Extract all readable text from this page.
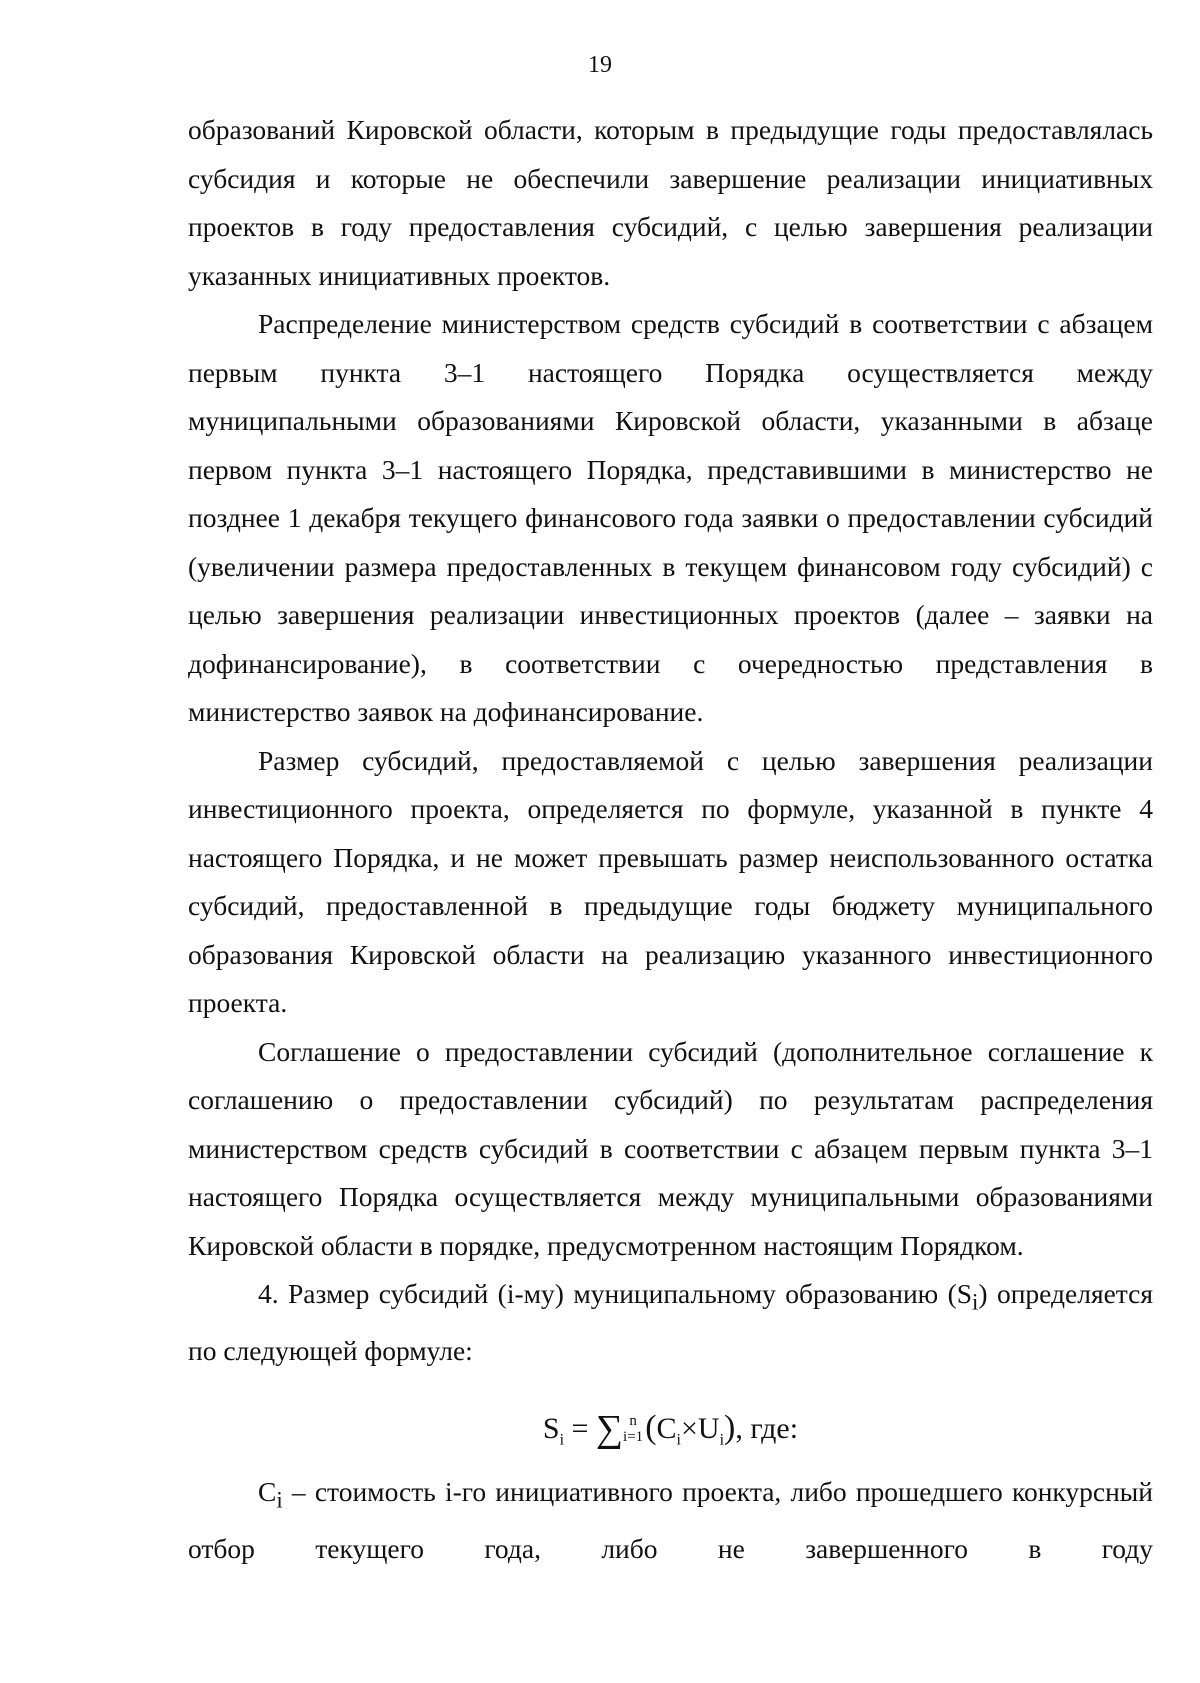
19

образований Кировской области, которым в предыдущие годы предоставлялась субсидия и которые не обеспечили завершение реализации инициативных проектов в году предоставления субсидий, с целью завершения реализации указанных инициативных проектов.

Распределение министерством средств субсидий в соответствии с абзацем первым пункта 3–1 настоящего Порядка осуществляется между муниципальными образованиями Кировской области, указанными в абзаце первом пункта 3–1 настоящего Порядка, представившими в министерство не позднее 1 декабря текущего финансового года заявки о предоставлении субсидий (увеличении размера предоставленных в текущем финансовом году субсидий) с целью завершения реализации инвестиционных проектов (далее – заявки на дофинансирование), в соответствии с очередностью представления в министерство заявок на дофинансирование.

Размер субсидий, предоставляемой с целью завершения реализации инвестиционного проекта, определяется по формуле, указанной в пункте 4 настоящего Порядка, и не может превышать размер неиспользованного остатка субсидий, предоставленной в предыдущие годы бюджету муниципального образования Кировской области на реализацию указанного инвестиционного проекта.

Соглашение о предоставлении субсидий (дополнительное соглашение к соглашению о предоставлении субсидий) по результатам распределения министерством средств субсидий в соответствии с абзацем первым пункта 3–1 настоящего Порядка осуществляется между муниципальными образованиями Кировской области в порядке, предусмотренном настоящим Порядком.

4. Размер субсидий (i-му) муниципальному образованию $(S_i)$ определяется по следующей формуле:

$S_i$ = ∑ n
i=1 $(C_i\times U_i)$, где:

$C_i$ – стоимость i-го инициативного проекта, либо прошедшего конкурсный отбор текущего года, либо не завершенного в году
